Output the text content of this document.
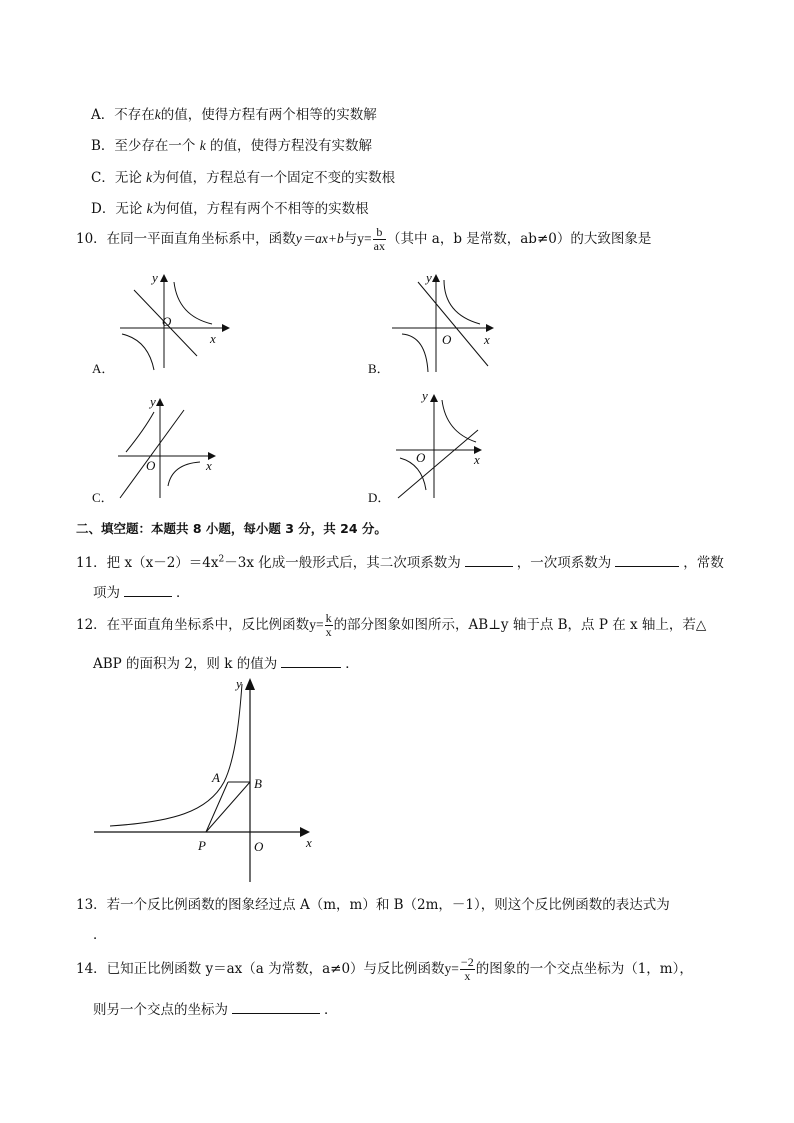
A．不存在k的值，使得方程有两个相等的实数解
B．至少存在一个 k 的值，使得方程没有实数解
C．无论 k为何值，方程总有一个固定不变的实数根
D．无论 k为何值，方程有两个不相等的实数根
10．在同一平面直角坐标系中，函数y＝ax+b与$y= \frac{b}{ax}$ （其中 a，b 是常数，ab≠0）的大致图象是
y
x
O
A．
y
x
O
B．
y
x
O
C．
y
x
O
D．
二、填空题：本题共 8 小题，每小题 3 分，共 24 分。
11．把 $x(x-2)=4x^2-3x$ 化成一般形式后，其二次项系数为	，一次项系数为	，常数
项为	．
12．在平面直角坐标系中，反比例函数$y= \frac{k}{x}$ 的部分图象如图所示，AB⊥y 轴于点 B，点 P 在 x 轴上，若△
ABP 的面积为 2，则 k 的值为	．
A	B
P	O	x
y
13．若一个反比例函数的图象经过点 A（m，m）和 B（2m，－1），则这个反比例函数的表达式为
．
14．已知正比例函数 y＝ax（a 为常数，a≠0）与反比例函数$y= \frac{-2}{x}$ 的图象的一个交点坐标为（1，m），
则另一个交点的坐标为	．
